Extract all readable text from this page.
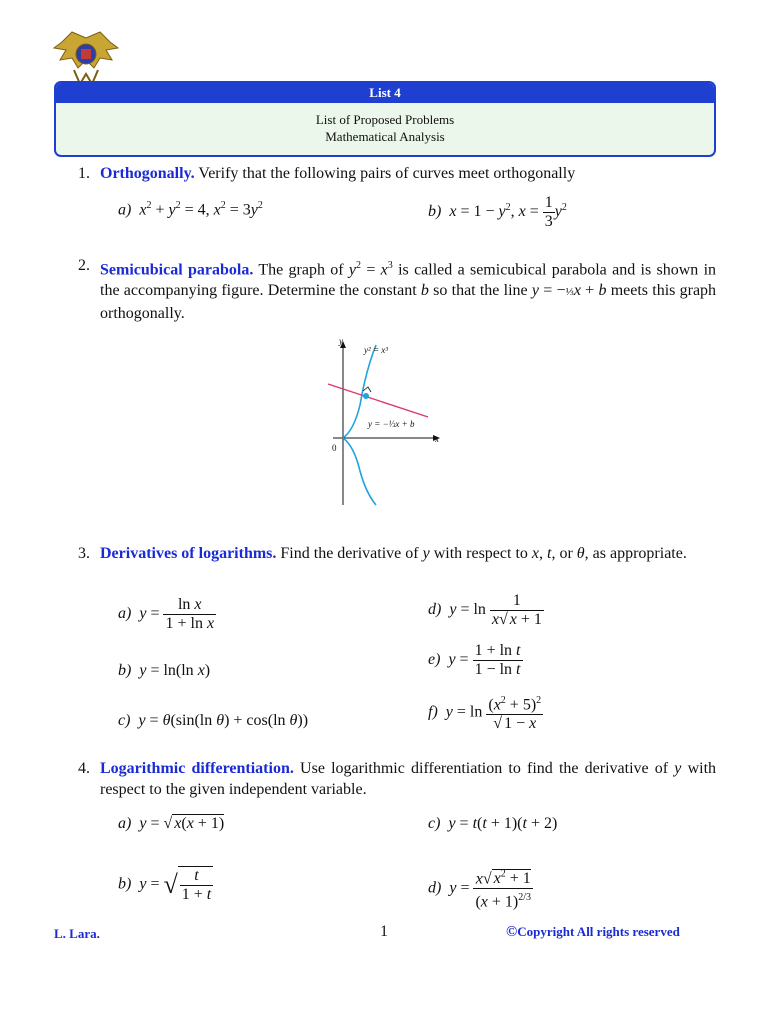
List 4
List of Proposed Problems
Mathematical Analysis
1. Orthogonally. Verify that the following pairs of curves meet orthogonally
a) $x^2 + y^2 = 4$, $x^2 = 3y^2$	b) $x = 1 - y^2$, $x = \frac{1}{3} y^2$
2. Semicubical parabola. The graph of $y^2 = x^3$ is called a semicubical parabola and is shown in the accompanying figure. Determine the constant b so that the line y = −⅓x + b meets this graph orthogonally.
y
x
0
y² = x³
y = −⅓x + b
3. Derivatives of logarithms. Find the derivative of y with respect to x, t, or θ, as appropriate.
a) $y = \frac{\text{ln x}}{\text{1 + ln x}}$
b) y = ln(ln x)
c) y = θ(sin(ln θ) + cos(ln θ))
d) $y = \ln \frac{1}{x√ x + 1}$
e) $y = \frac{\text{1 + ln t}}{\text{1 − ln t}}$
f) $y = \ln \frac{(x^2 + 5)^2}{√ 1 - x}$
4. Logarithmic differentiation. Use logarithmic differentiation to find the derivative of y with respect to the given independent variable.
a) y = √ x(x + 1)
b) y = √ $\frac{t}{1 + t}$
c) y = t(t + 1)(t + 2)
d) $y = \frac{x√ x^2 + 1}{(x + 1)^{2/3}}$
L. Lara.	1	©Copyright All rights reserved
